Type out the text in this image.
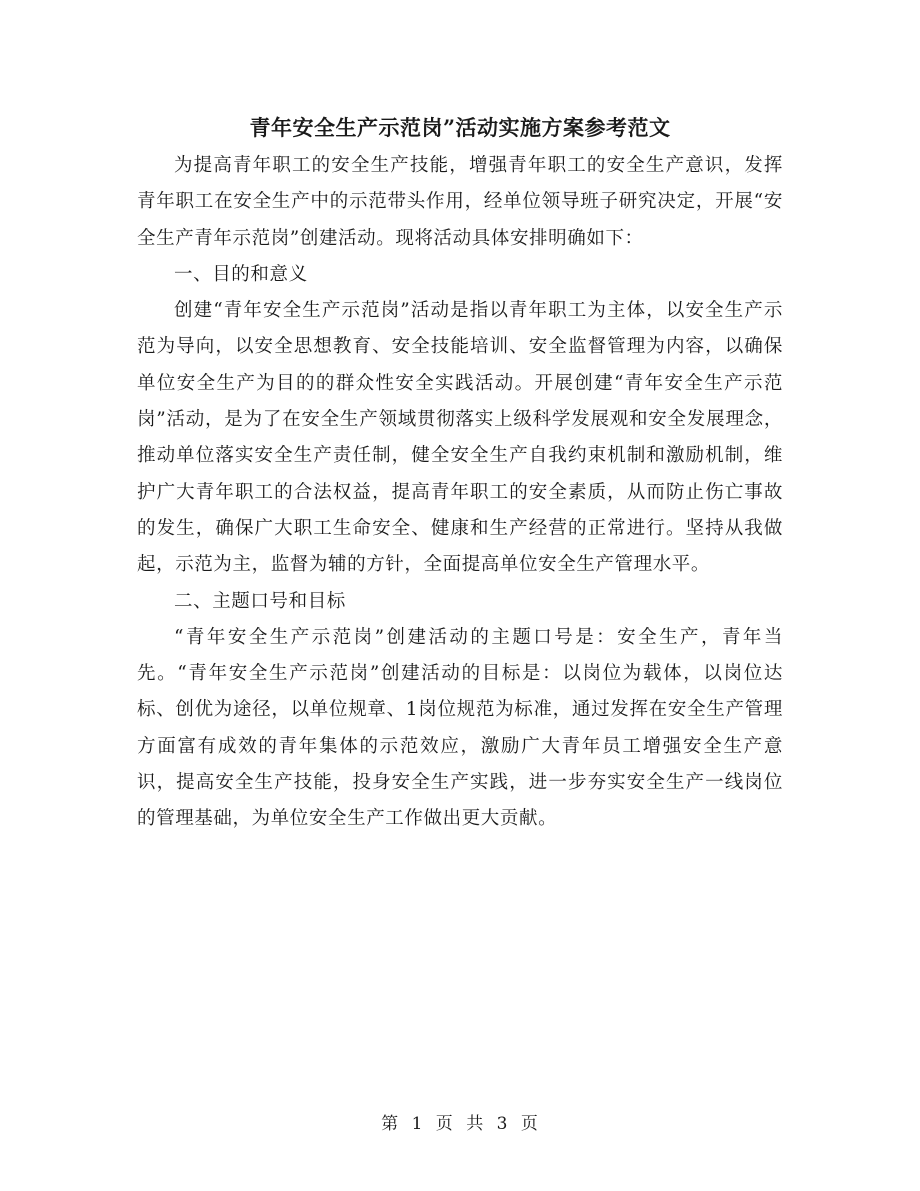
青年安全生产示范岗”活动实施方案参考范文

为提高青年职工的安全生产技能，增强青年职工的安全生产意识，发挥青年职工在安全生产中的示范带头作用，经单位领导班子研究决定，开展“安全生产青年示范岗”创建活动。现将活动具体安排明确如下：

一、目的和意义

创建“青年安全生产示范岗”活动是指以青年职工为主体，以安全生产示范为导向，以安全思想教育、安全技能培训、安全监督管理为内容，以确保单位安全生产为目的的群众性安全实践活动。开展创建“青年安全生产示范岗”活动，是为了在安全生产领域贯彻落实上级科学发展观和安全发展理念，推动单位落实安全生产责任制，健全安全生产自我约束机制和激励机制，维护广大青年职工的合法权益，提高青年职工的安全素质，从而防止伤亡事故的发生，确保广大职工生命安全、健康和生产经营的正常进行。坚持从我做起，示范为主，监督为辅的方针，全面提高单位安全生产管理水平。

二、主题口号和目标

“青年安全生产示范岗”创建活动的主题口号是：安全生产，青年当先。“青年安全生产示范岗”创建活动的目标是：以岗位为载体，以岗位达标、创优为途径，以单位规章、1岗位规范为标准，通过发挥在安全生产管理方面富有成效的青年集体的示范效应，激励广大青年员工增强安全生产意识，提高安全生产技能，投身安全生产实践，进一步夯实安全生产一线岗位的管理基础，为单位安全生产工作做出更大贡献。

第 1 页 共 3 页
